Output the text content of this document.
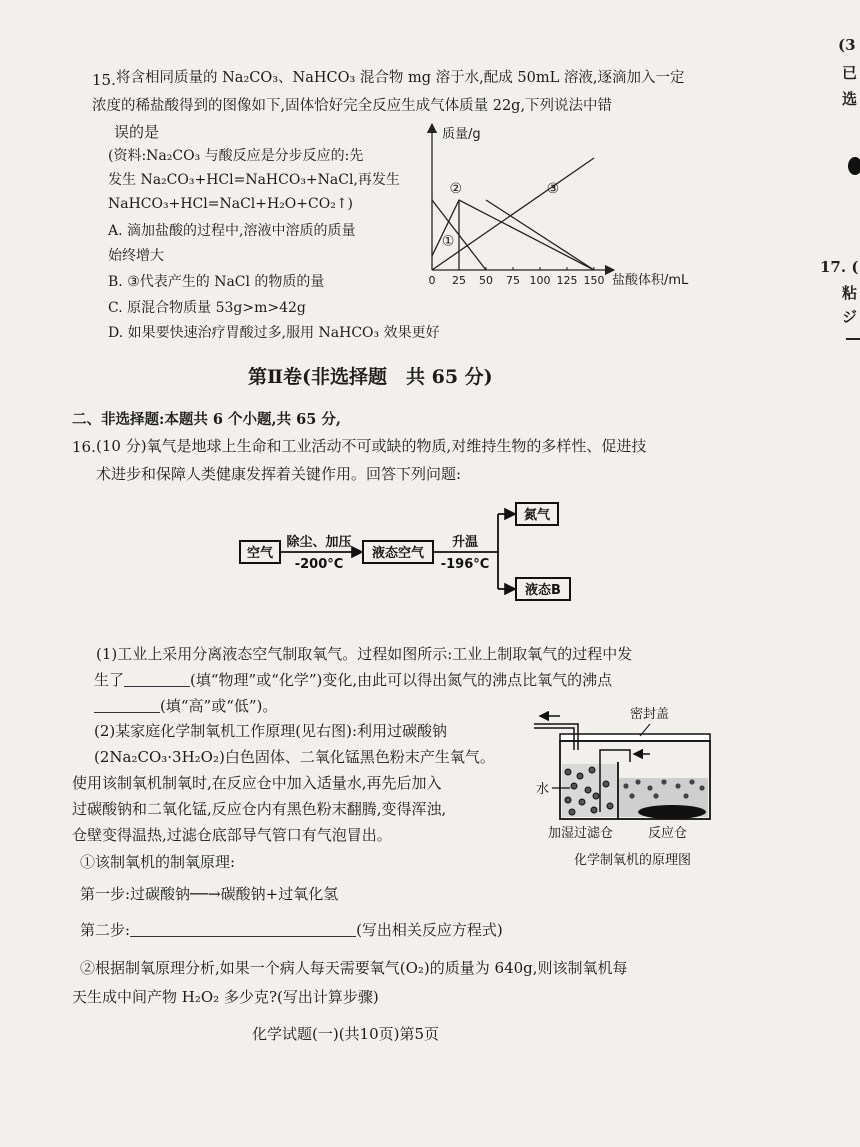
(3
已
选
17. (
粘
ジ
15. 将含相同质量的 Na₂CO₃、NaHCO₃ 混合物 mg 溶于水,配成 50mL 溶液,逐滴加入一定
浓度的稀盐酸得到的图像如下,固体恰好完全反应生成气体质量 22g,下列说法中错
误的是
(资料:Na₂CO₃ 与酸反应是分步反应的:先
发生 Na₂CO₃+HCl=NaHCO₃+NaCl,再发生
NaHCO₃+HCl=NaCl+H₂O+CO₂↑)
A. 滴加盐酸的过程中,溶液中溶质的质量
始终增大
B. ③代表产生的 NaCl 的物质的量
C. 原混合物质量 53g>m>42g
D. 如果要快速治疗胃酸过多,服用 NaHCO₃ 效果更好
质量/g
盐酸体积/mL
0 25 50 75 100 125 150
①
②	③
第Ⅱ卷(非选择题　共 65 分)
二、非选择题:本题共 6 个小题,共 65 分,
16. (10 分)氧气是地球上生命和工业活动不可或缺的物质,对维持生物的多样性、促进技
术进步和保障人类健康发挥着关键作用。回答下列问题:
空气
除尘、加压
-200°C
液态空气
升温
-196°C
氮气
液态B
(1)工业上采用分离液态空气制取氧气。过程如图所示:工业上制取氧气的过程中发
生了	(填“物理”或“化学”)变化,由此可以得出氮气的沸点比氧气的沸点
(填“高”或“低”)。
(2)某家庭化学制氧机工作原理(见右图):利用过碳酸钠
(2Na₂CO₃·3H₂O₂)白色固体、二氧化锰黑色粉末产生氧气。
使用该制氧机制氧时,在反应仓中加入适量水,再先后加入
过碳酸钠和二氧化锰,反应仓内有黑色粉末翻腾,变得浑浊,
仓壁变得温热,过滤仓底部导气管口有气泡冒出。
密封盖
水
加湿过滤仓	反应仓
化学制氧机的原理图
①该制氧机的制氧原理:
第一步:过碳酸钠──→碳酸钠+过氧化氢
第二步:	(写出相关反应方程式)
②根据制氧原理分析,如果一个病人每天需要氧气(O₂)的质量为 640g,则该制氧机每
天生成中间产物 H₂O₂ 多少克?(写出计算步骤)
化学试题(一)(共10页)第5页
